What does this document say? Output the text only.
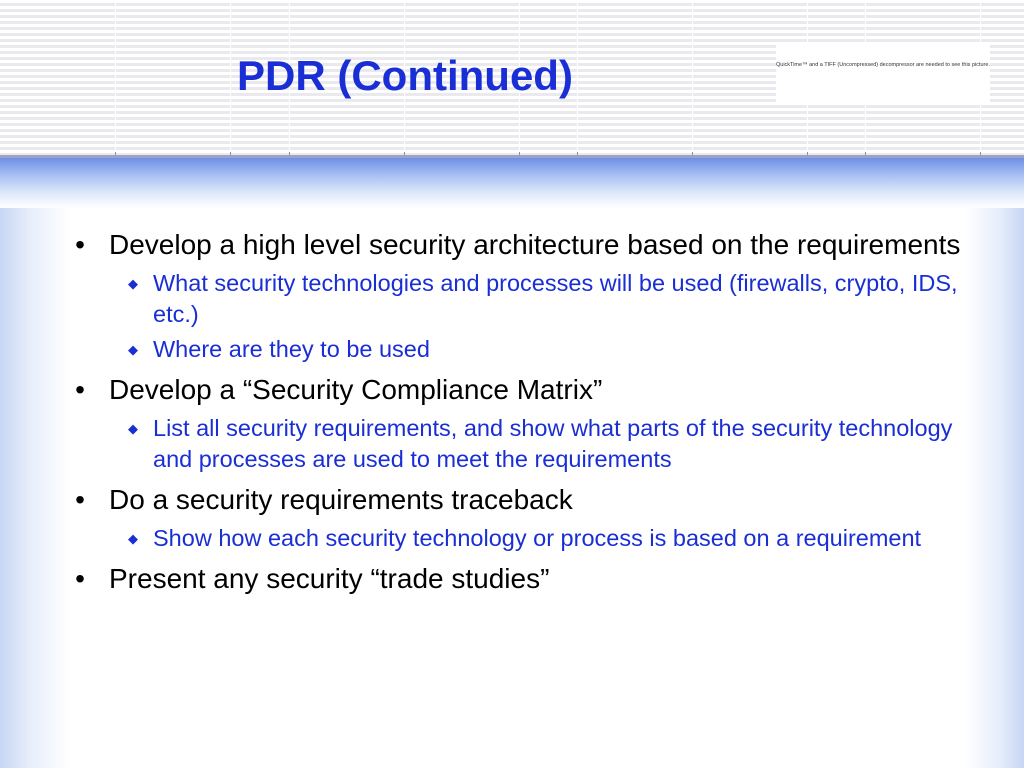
PDR (Continued)	QuickTime™ and a TIFF (Uncompressed) decompressor are needed to see this picture.
• Develop a high level security architecture based on the requirements
◆ What security technologies and processes will be used (firewalls, crypto, IDS, etc.)
◆ Where are they to be used
• Develop a “Security Compliance Matrix”
◆ List all security requirements, and show what parts of the security technology and processes are used to meet the requirements
• Do a security requirements traceback
◆ Show how each security technology or process is based on a requirement
• Present any security “trade studies”
